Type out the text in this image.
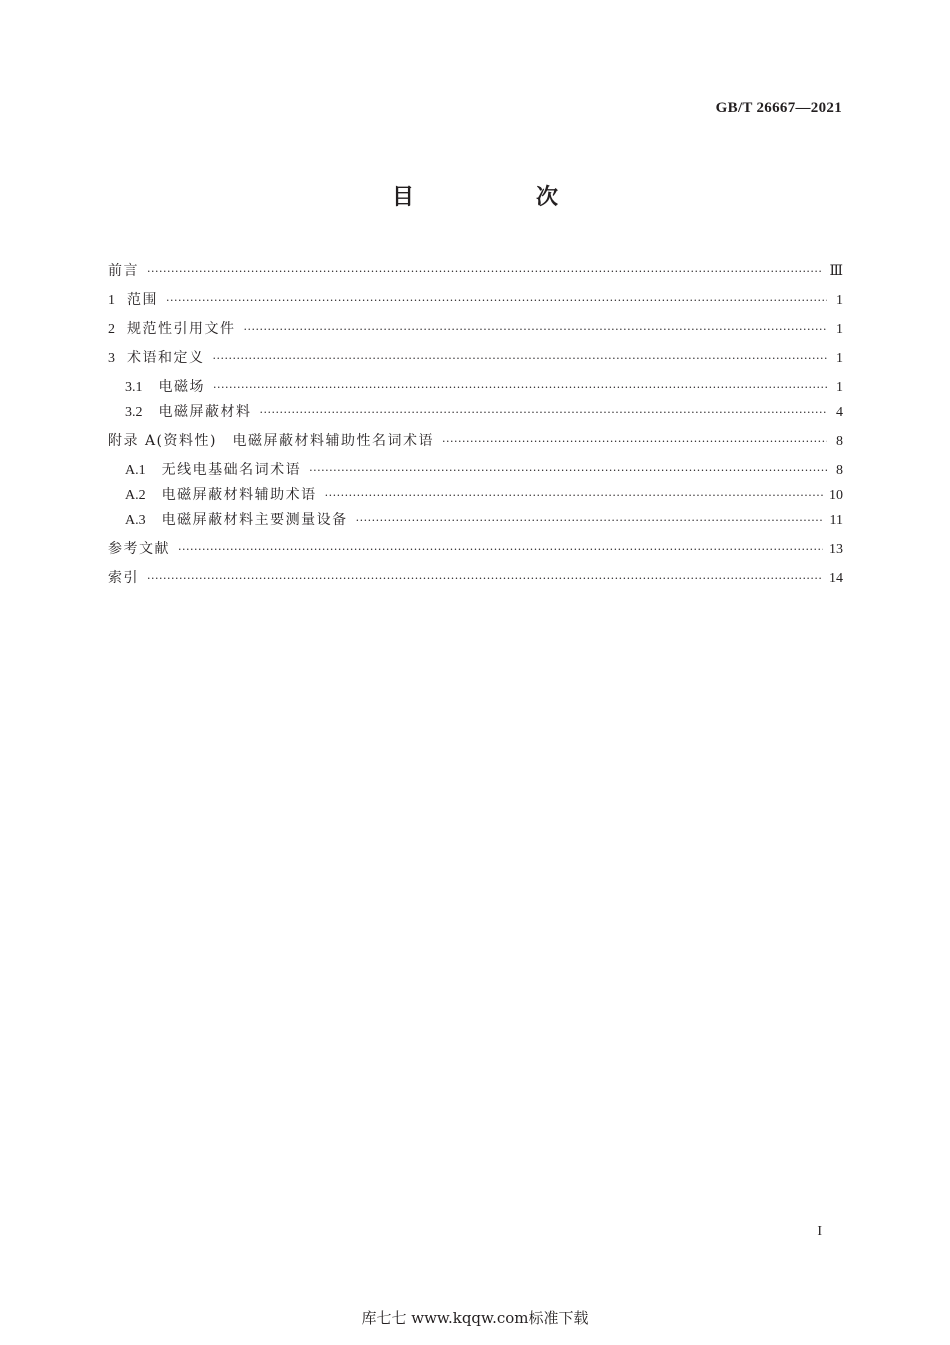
GB/T 26667—2021
目　次
前言 ·····	Ⅲ
1 范围 ·····	1
2 规范性引用文件 ·····	1
3 术语和定义 ·····	1
3.1 电磁场 ·····	1
3.2 电磁屏蔽材料 ·····	4
附录 A(资料性)　电磁屏蔽材料辅助性名词术语 ·····	8
A.1 无线电基础名词术语 ·····	8
A.2 电磁屏蔽材料辅助术语 ·····	10
A.3 电磁屏蔽材料主要测量设备 ·····	11
参考文献 ·····	13
索引 ·····	14
I
库七七 www.kqqw.com标准下载
